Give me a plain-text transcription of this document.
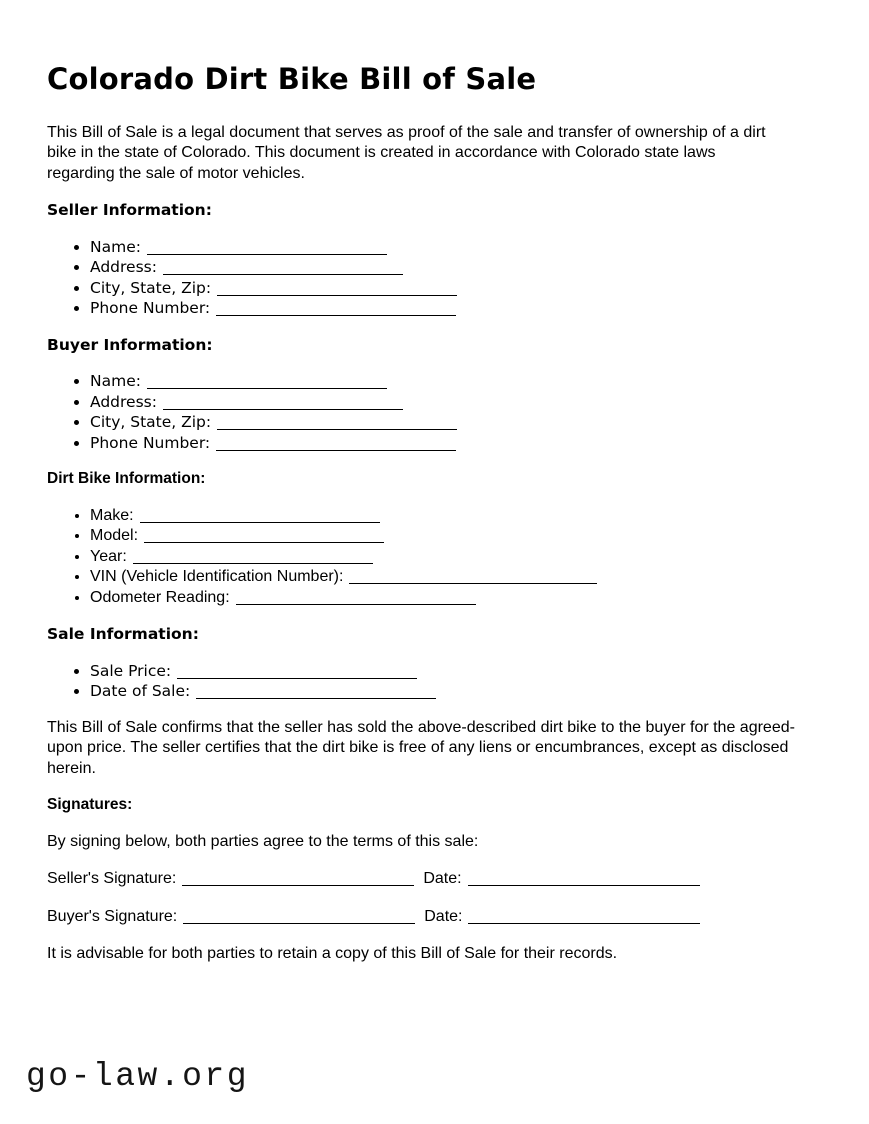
Colorado Dirt Bike Bill of Sale

This Bill of Sale is a legal document that serves as proof of the sale and transfer of ownership of a dirt bike in the state of Colorado. This document is created in accordance with Colorado state laws regarding the sale of motor vehicles.

Seller Information:
• Name:
• Address:
• City, State, Zip:
• Phone Number:
Buyer Information:
• Name:
• Address:
• City, State, Zip:
• Phone Number:
Dirt Bike Information:
• Make:
• Model:
• Year:
• VIN (Vehicle Identification Number):
• Odometer Reading:
Sale Information:
• Sale Price:
• Date of Sale:

This Bill of Sale confirms that the seller has sold the above-described dirt bike to the buyer for the agreed-upon price. The seller certifies that the dirt bike is free of any liens or encumbrances, except as disclosed herein.

Signatures:

By signing below, both parties agree to the terms of this sale:

Seller's Signature:	Date:

Buyer's Signature:	Date:

It is advisable for both parties to retain a copy of this Bill of Sale for their records.

go-law.org
